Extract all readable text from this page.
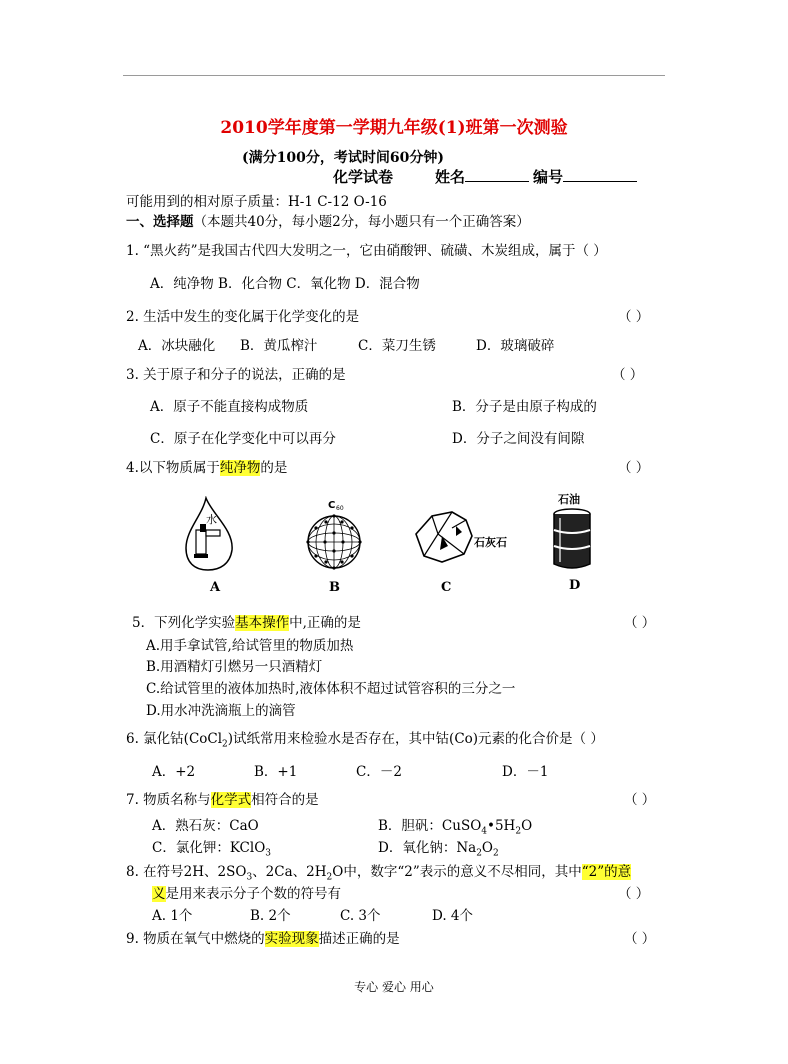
2010学年度第一学期九年级(1)班第一次测验
(满分100分，考试时间60分钟)
化学试卷	姓名	编号
可能用到的相对原子质量：H-1 C-12 O-16
一、选择题（本题共40分，每小题2分，每小题只有一个正确答案）
1. “黑火药”是我国古代四大发明之一，它由硝酸钾、硫磺、木炭组成，属于（ ）
A．纯净物 B．化合物 C．氧化物 D．混合物
2. 生活中发生的变化属于化学变化的是	（ ）
A．冰块融化 B．黄瓜榨汁	C．菜刀生锈	D．玻璃破碎
3. 关于原子和分子的说法，正确的是	（ ）
A．原子不能直接构成物质	B．分子是由原子构成的
C．原子在化学变化中可以再分	D．分子之间没有间隙
4.以下物质属于纯净物的是	（ ）
水
C 60
石灰石
石油
A	B	C	D
5．下列化学实验基本操作中,正确的是	（ ）
A.用手拿试管,给试管里的物质加热
B.用酒精灯引燃另一只酒精灯
C.给试管里的液体加热时,液体体积不超过试管容积的三分之一
D.用水冲洗滴瓶上的滴管
6. 氯化钴(CoCl$_2$)试纸常用来检验水是否存在，其中钴(Co)元素的化合价是（ ）
A．+2	B．+1	C．－2	D．－1
7. 物质名称与化学式相符合的是	（ ）
A．熟石灰：CaO	B．胆矾：$CuSO_4•5H_2O$
C．氯化钾：KClO$_3$	D．氧化钠：$Na_2O_2$
8. 在符号2H、$2SO_3$、2Ca、$2H_2O$中，数字“2”表示的意义不尽相同，其中“2”的意
义是用来表示分子个数的符号有	（ ）
A. 1个	B. 2个	C. 3个	D. 4个
9. 物质在氧气中燃烧的实验现象描述正确的是	（ ）
专心 爱心 用心
